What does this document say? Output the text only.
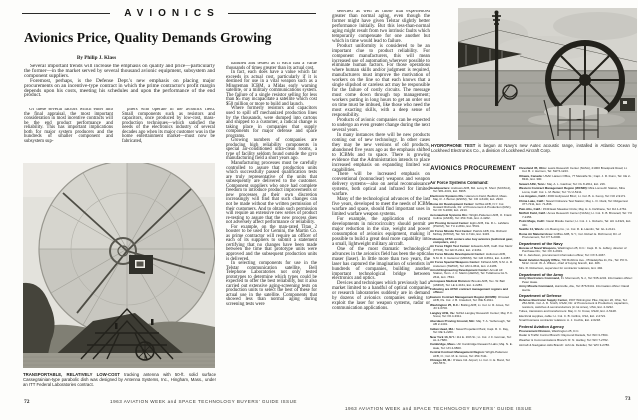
AVIONICS
Avionics Price, Quality Demands Growing
By Philip J. Klass

Several important trends will increase the emphasis on quality and price—particularly the former—in the market served by several thousand avionic equipment, subsystem and component suppliers.

Foremost, perhaps, is the Defense Dept.'s new emphasis on placing major procurements on an incentive-type contract in which the prime contractor's profit margin depends upon his costs, meeting his schedules and upon the performance of the end product.

Of these several factors which enter into the final appraisal, the most important consideration in most incentive contracts will be the end product performance and reliability. This has important implications both for major system producers and the hundreds of smaller component and subsystem sup-

pliers who operate in the avionics field. Small components such as resistors and capacitors, once produced by low-cost, mass-production techniques—which satisfied the needs of the electronics industry of several decades ago when its major customer was in the home entertainment market—must now be fabricated,

handled and tested as if each had a value thousands of times greater than its actual cost.

In fact, each does have a value which far exceeds its actual cost, particularly if it is destined for use in a vital weapon such as a Minuteman ICBM, a Midas early warning satellite, or a military communications system. The failure of a single resistor selling for less than $5 may incapacitate a satellite which cost $50 million or more to build and launch.

Where formerly resistors and capacitors used to spill off mechanized production lines by the thousands, were dumped into cartons and shipped to a customer, a radical change is taking place in companies that supply components for major defense and space programs.

Growing numbers of companies are producing high reliability components in special air-conditioned ultra-clean rooms, a type of facility seldom found outside the gyro manufacturing field a short years ago.

Manufacturing processes must be carefully controlled to assure that production units which successfully passed qualification tests are truly representative of the units that subsequently are delivered to the customer. Component suppliers who once had complete freedom to introduce product improvements or new processes at their own discretion increasingly will find that such changes can not be made without the written permission of their customers. And to obtain such permission will require an extensive new series of product re-testing to assure that the new process does not adversely affect performance or reliability.

For example, on the man-rated Titan 2 booster to be used for Gemini, the Martin Co. as prime contractor will require an officer of each of its suppliers to submit a statement certifying that no changes have been made between the time that prototype units were approved and the subsequent production units is delivered.

In selecting components for use in the Telstar communication satellite, Bell Telephone Laboratories not only tested prototypes to determine which types could be expected to offer the best reliability, but it also carried out extensive aging-screening tests on production units to select the best of these for actual use in the satellite. Components that showed less than normal aging during screening tests were

TRANSPORTABLE, RELATIVELY LOW-COST tracking antenna with 50-ft. solid surface Cassegrainian-type parabolic dish was designed by Antenna Systems, Inc., Hingham, Mass., under an ITT Federal Laboratories contract.
72	1963 AVIATION WEEK and SPACE TECHNOLOGY BUYERS' GUIDE ISSUE

selected as well as those that experienced greater than normal aging, even though the former might have given Telstar slightly better performance initially. But this less-than-normal aging might result from two intrinsic faults which temporarily compensate for one another but which in time would lead to failure.

Product uniformity is considered to be an important clue to product reliability. For component manufacturers, this will mean increased use of automation wherever possible to eliminate human factors. For those operations where human skills and/or judgment is required, manufacturers must improve the motivation of workers on the line so that each knows that a single slipshod or careless act may be responsible for the failure of costly circuits. The message must come down through top management; workers putting in long hours to get an order out on time must be imbued, like those who need the most exacting skills, with a deep sense of responsibility.

Products of avionic companies can be expected to undergo an even greater change during the next several years.

In many instances there will be new products coming out of new technology. In other cases they may be new versions of old products, abandoned five years ago as the emphasis shifted to ICBMs and to space. There is growing evidence that the Administration intends to place increased emphasis on expanding limited war capabilities.

There will be increased emphasis on conventional (nonnuclear) weapons and weapon delivery systems—also on aerial reconnaissance systems, both optical and infrared for limited warfare.

Many of the technological advances of the last five years, developed to meet the needs of ICBM warfare and space, should find important uses in limited warfare weapon systems.

For example, the application of recent developments in microcircuitry should permit a major reduction in the size, weight and power consumption of avionics equipment, making it possible to build a great deal more capability into a small, lightweight military aircraft.

One of the most dramatic technological advances in the avionics field has been the optical maser (laser). In little more than two years, the laser has captured the imagination of scientists in hundreds of companies, building another important technological bridge between electronics and optics.

Devices and techniques which previously had a market limited to a handful of optical companies or research laboratories suddenly are in demand by dozens of avionics companies seeking to exploit the laser for weapon systems, radar or communication applications.

HYDROPHONE TEST is begun at Navy's new Autec acoustic range, installed in Atlantic Ocean by Lockheed Electronics Co., a division of Lockheed Aircraft Corp.
AVIONICS PROCUREMENT
Air Force Systems Command:
Headquarters: Andrews AFB, Md. Leroy R. Short (SCKM-2), Tel: 981-4331, Ext. 8365.
Electronic Systems Div.: Hanscom Field, Bedford, Mass. Maj. R. J. Burton (ESKM), Tel: CR 4-6100, Ext. 2943.
Rome Air Development Center: Griffiss AFB, N.Y. Col. Howard Richards, Dir. of Procurement & Production (RAK), Tel: FF 6-2000, Ext. 2213.
Aeronautical Systems Div.: Wright-Patterson AFB, O. Frank Collins (ASKM), Tel: 253-7111, Ext. 2-4262.
Air Proving Ground Center: Eglin AFB, Fla. R. L. LaMarre (PGKM), Tel: TU 2-2811, Ext. 5531.
Air Force Missile Test Center: Patrick AFB, Fla. Richard McKay (MTKM), Tel: SU 3-7111, Ext. 3415.
Following AFSC centers also buy avionics (technical gear, computers, etc.):
Air Force Flight Test Center: Edwards AFB, Calif. Don Mertz (FTKM), Tel: ED 8-2111, Ext. 2-3461.
Air Force Missile Development Center: Holloman AFB, N.M. R. F. Gutierrez (MDKM), Tel: GR 3-6511, Ext. 4-4387.
Air Force Special Weapons Center: Kirtland AFB, N.M. A. R. Anderson (SWKM), Tel: AM 4-3611, Ext. 2-4186.
Arnold Engineering Development Center: Arnold AF Station, Tenn. J. C. Martin (AEKM), Tel: Tullahoma GL 5-2611, Ext. 7834.
Aerospace Medical Division: Brooks AFB, Tex. W. Ball (AMKM), Tel: LE 2-4161, Ext. 2-2283.
Following are AFSC contract management regions and offices:
Eastern Contract Management Region (ECMR): Olmsted AFB, Pa. Col. J. B. Crawford, Tel: WE 8-1911.
Washington 25, D.C.: Bolling AFB; Lt. Col. H. R. Ames, Tel: JO 3-6700.
Langley AFB, Va.: NASA Langley Research Center; Maj. P. F. Snow, Tel: PA 4-3311.
Aberdeen Proving Ground, Md.: Maj. T. A. Yarborough, Tel: AB 2-1401.
Indian Head, Md.: Naval Propellant Plant; Capt. R. C. Day, Tel: RE 3-2260.
New York 13, N.Y.: 111 E. 16th St.; Lt. Col. J. F. Gorman, Tel: AL 4-7680.
Cambridge, Mass.: AF Cambridge Research Labs; Maj. N. E. Hale, Tel: UN 4-6800.
Central Contract Management Region: Wright-Patterson AFB, O.; Col. M. E. Gross, Tel: 253-7111.
Chicago 38, Ill.: O'Hare Intl. Airport; Lt. Col. C. E. Bond, Tel: 296-5571.
Cleveland 35, Ohio: Lewis Research Center (NASA), 21000 Brookpark Road; Lt. Col. B. J. Harmon, Tel: SW 5-1223.
Ottawa, Canada: USAF Liaison Office, 77 Metcalfe St.; Capt. J. R. Dunn, Tel: CE 2-8341, Ext. 300.
Sewart AFB, Tenn.: Maj. A. L. Gardner, Tel: OL 8-2611, Ext. 216.
Western Contract Management Region (WCMR): Mira Loma AF Station, Mira Loma, Calif. Col. L. M. Butler, Tel: YU 2-5211.
Los Angeles, Calif.: 4600 Hollywood Blvd.; Lt. Col. B. A. Kemp, Tel: NO 2-9171.
China Lake, Calif.: Naval Ordnance Test Station; Maj. L. D. Clark, Tel: Ridgecrest 377-7211, Ext. 71-836.
Palo Alto, Calif.: 1549 East Meadow Circle; Maj. H. A. DeShane, Tel: DA 1-4761.
Moffett Field, Calif.: Ames Research Center (NASA); Lt. Col. K. B. Brownell, Tel: YO 7-2456.
Point Mugu, Calif.: Naval Missile Center; Lt. Col. J. L. Roberts, Tel: HU 4-4321, Ext. 411.
Seattle 14, Wash.: c/o Boeing Co.; Lt. Col. R. E. Hamlin, Tel: GL 2-2121.
Rome Air Materiel Area: Griffiss AFB, N.Y.; Col. Robert E. Richmond, Dir. of Procurement, Tel: FT 6-2000.
Department of the Navy
Bureau of Naval Weapons, Washington 25, D.C.: Capt. R. G. Jeffery, director of Purchase Div.; Tel: OX 4-2931.
Mr. A. Jacobson, procurement information officer, Tel: OX 6-4467.
Naval Aviation Supply Office, 700 Robbins Ave., Philadelphia 11, Pa., Tel: PO 6-5212. Cmdr. W. A. Wilson, chief of buying branch, Ext. 406.
Mrs. R. Robertson, supervisor for contractor relations, Ext. 492.
Department of the Army
Army Electronics Command, Ft. Monmouth, N.J., Tel: 535-1234. Information officer: Peter Haas.
Army Missile Command, Huntsville, Ala., Tel: 876-5441. Information officer: David Harris.
Department of Defense
Defense Electronic Supply Center, 1507 Wilmington Pike, Dayton 20, Ohio, Tel: 252-6031. Col. A. D. Smith, USAF, Dir. of Procurement & Production; capacitors, resistors, switches & semiconductors (in lot sizes), USA, Ext. 2-6232.
Tubes, transistors and transformers: Maj. C. N. Know, USAF, Ext. 2-5148.
Electrical supplies, cable: Lt. Col. C. B. Collins, USA, Ext. 2-2721.
Small business contractor relations: A. J. Cochis, Ext. 2-6218.
Federal Aviation Agency
Procurement Division, Washington 25, D.C.
Radar & Traffic Control Branch: Raymond Daniels, Tel: WO 3-7664.
Weather & Communications Branch: R. N. Hartley, Tel: WO 7-2762.
Aircraft & Navigation Aids Branch: John E. Detwiler, Tel: WO 3-2786.
73
1963 AVIATION WEEK and SPACE TECHNOLOGY BUYERS' GUIDE ISSUE
